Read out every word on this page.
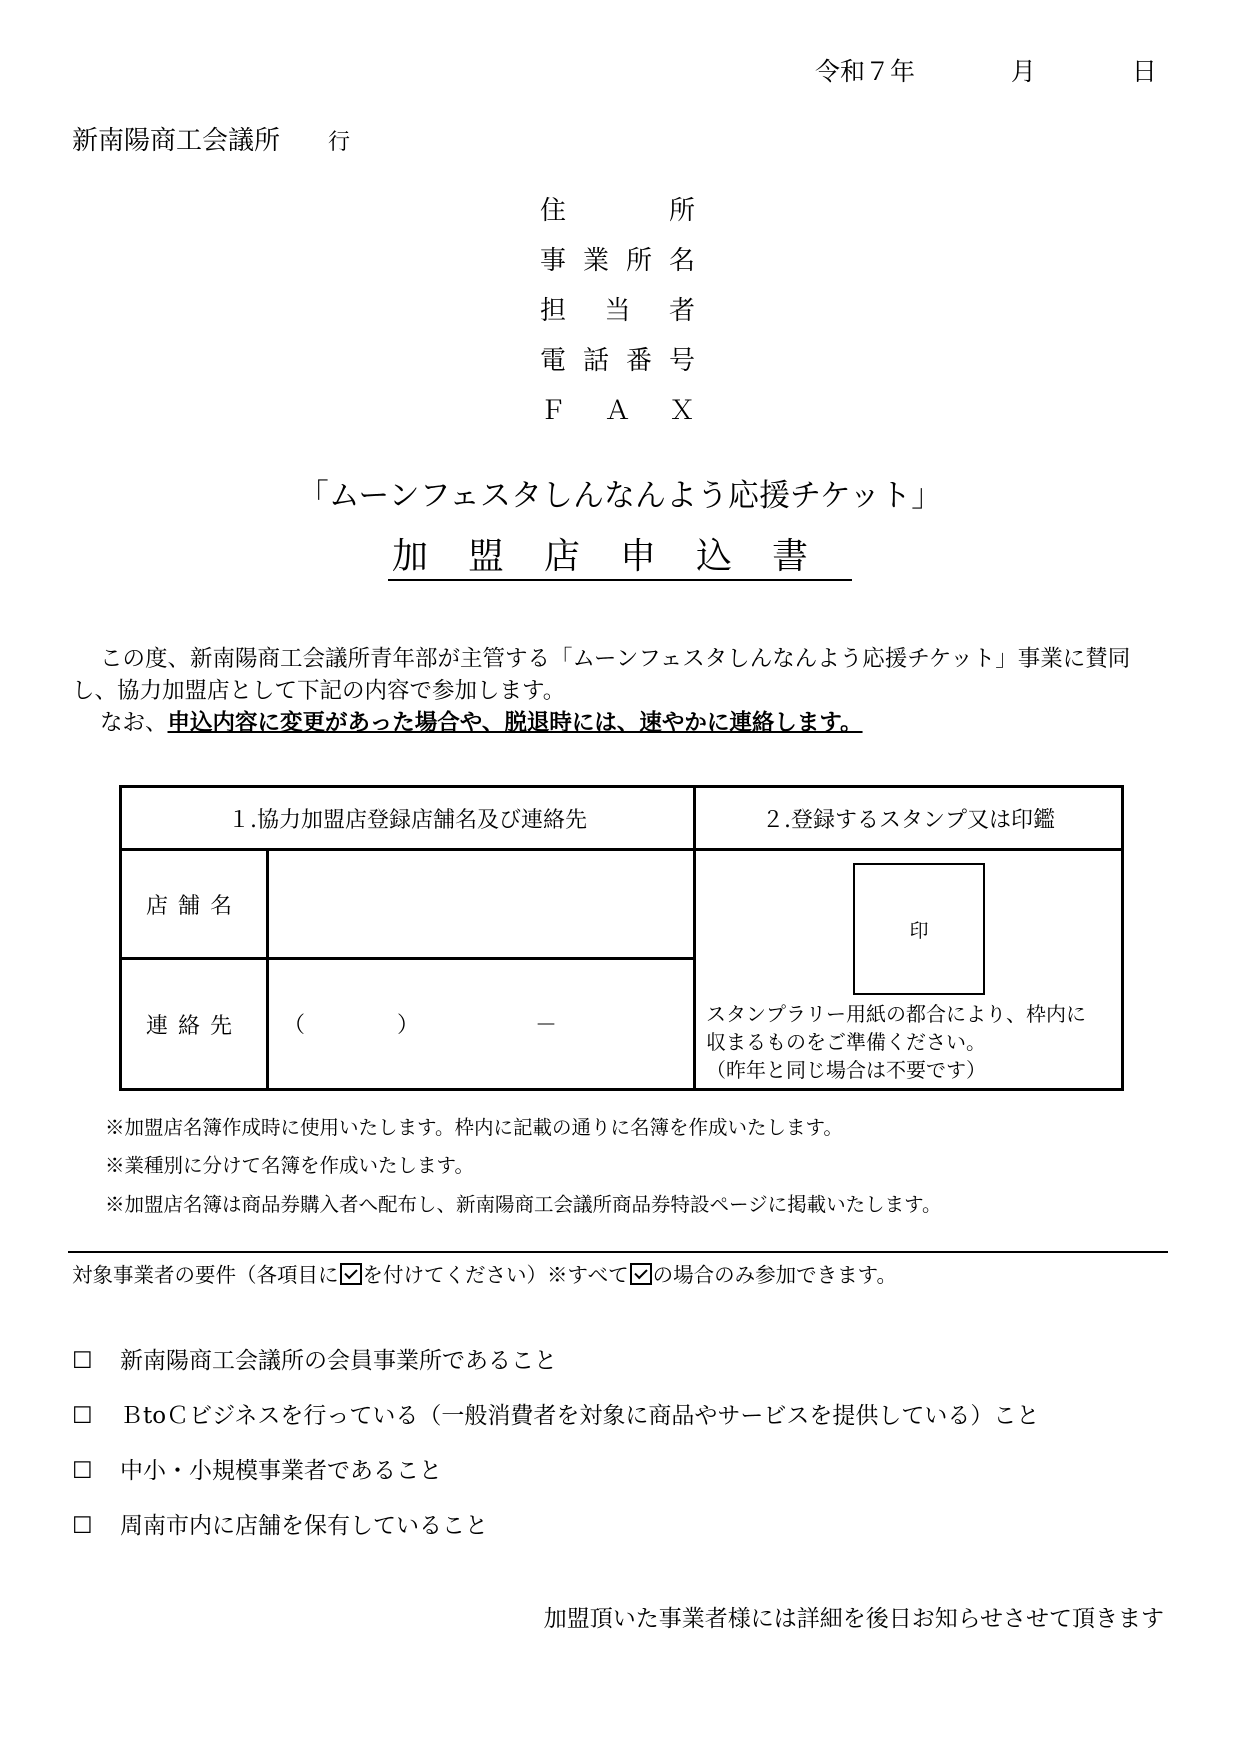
令和７年	月	日
新南陽商工会議所 行
住	所
事 業 所 名
担 当 者
電 話 番 号
Ｆ Ａ Ｘ
「ムーンフェスタしんなんよう応援チケット」
加盟店申込書
この度、新南陽商工会議所青年部が主管する「ムーンフェスタしんなんよう応援チケット」事業に賛同し、協力加盟店として下記の内容で参加します。
なお、申込内容に変更があった場合や、脱退時には、速やかに連絡します。
１.協力加盟店登録店舗名及び連絡先		２.登録するスタンプ又は印鑑
店舗名		印
スタンプラリー用紙の都合により、枠内に
収まるものをご準備ください。
（昨年と同じ場合は不要です）

連絡先	（ ） －	
※加盟店名簿作成時に使用いたします。枠内に記載の通りに名簿を作成いたします。
※業種別に分けて名簿を作成いたします。
※加盟店名簿は商品券購入者へ配布し、新南陽商工会議所商品券特設ページに掲載いたします。
対象事業者の要件（各項目に を付けてください）※すべて の場合のみ参加できます。
☐ 新南陽商工会議所の会員事業所であること
☐ ＢtoＣビジネスを行っている（一般消費者を対象に商品やサービスを提供している）こと
☐ 中小・小規模事業者であること
☐ 周南市内に店舗を保有していること
加盟頂いた事業者様には詳細を後日お知らせさせて頂きます
